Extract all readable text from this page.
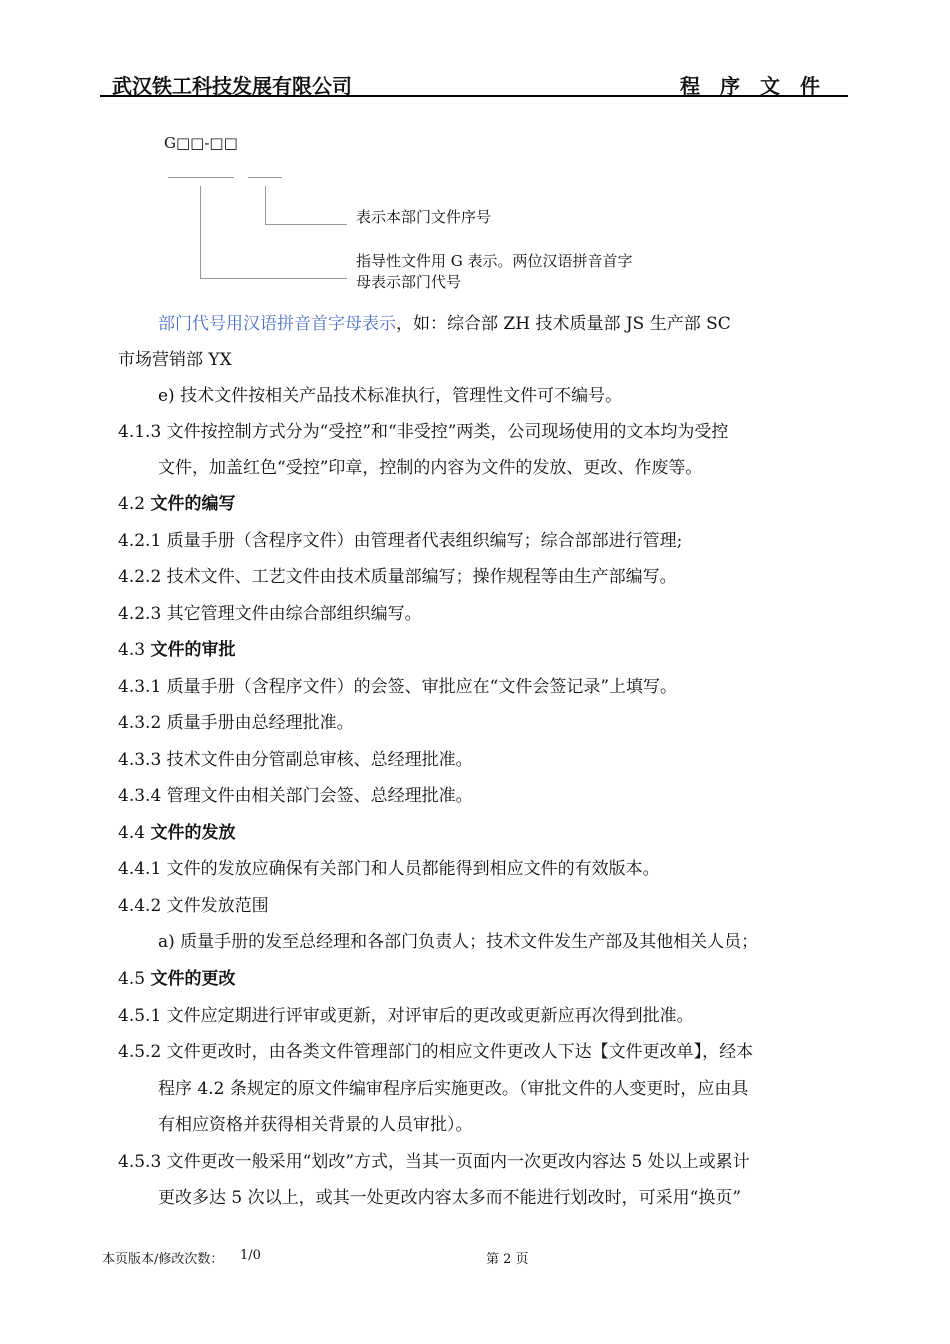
武汉铁工科技发展有限公司	程　序　文　件
G□□-□□
表示本部门文件序号
指导性文件用 G 表示。两位汉语拼音首字
母表示部门代号
部门代号用汉语拼音首字母表示，如：综合部 ZH 技术质量部 JS 生产部 SC
市场营销部 YX
e) 技术文件按相关产品技术标准执行，管理性文件可不编号。
4.1.3 文件按控制方式分为“受控”和“非受控”两类，公司现场使用的文本均为受控
文件，加盖红色“受控”印章，控制的内容为文件的发放、更改、作废等。
4.2 文件的编写
4.2.1 质量手册（含程序文件）由管理者代表组织编写；综合部部进行管理;
4.2.2 技术文件、工艺文件由技术质量部编写；操作规程等由生产部编写。
4.2.3 其它管理文件由综合部组织编写。
4.3 文件的审批
4.3.1 质量手册（含程序文件）的会签、审批应在“文件会签记录”上填写。
4.3.2 质量手册由总经理批准。
4.3.3 技术文件由分管副总审核、总经理批准。
4.3.4 管理文件由相关部门会签、总经理批准。
4.4 文件的发放
4.4.1 文件的发放应确保有关部门和人员都能得到相应文件的有效版本。
4.4.2 文件发放范围
a) 质量手册的发至总经理和各部门负责人；技术文件发生产部及其他相关人员；
4.5 文件的更改
4.5.1 文件应定期进行评审或更新，对评审后的更改或更新应再次得到批准。
4.5.2 文件更改时，由各类文件管理部门的相应文件更改人下达【文件更改单】，经本
程序 4.2 条规定的原文件编审程序后实施更改。（审批文件的人变更时，应由具
有相应资格并获得相关背景的人员审批）。
4.5.3 文件更改一般采用“划改”方式，当其一页面内一次更改内容达 5 处以上或累计
更改多达 5 次以上，或其一处更改内容太多而不能进行划改时，可采用“换页”
本页版本/修改次数： 1/0	第 2 页
